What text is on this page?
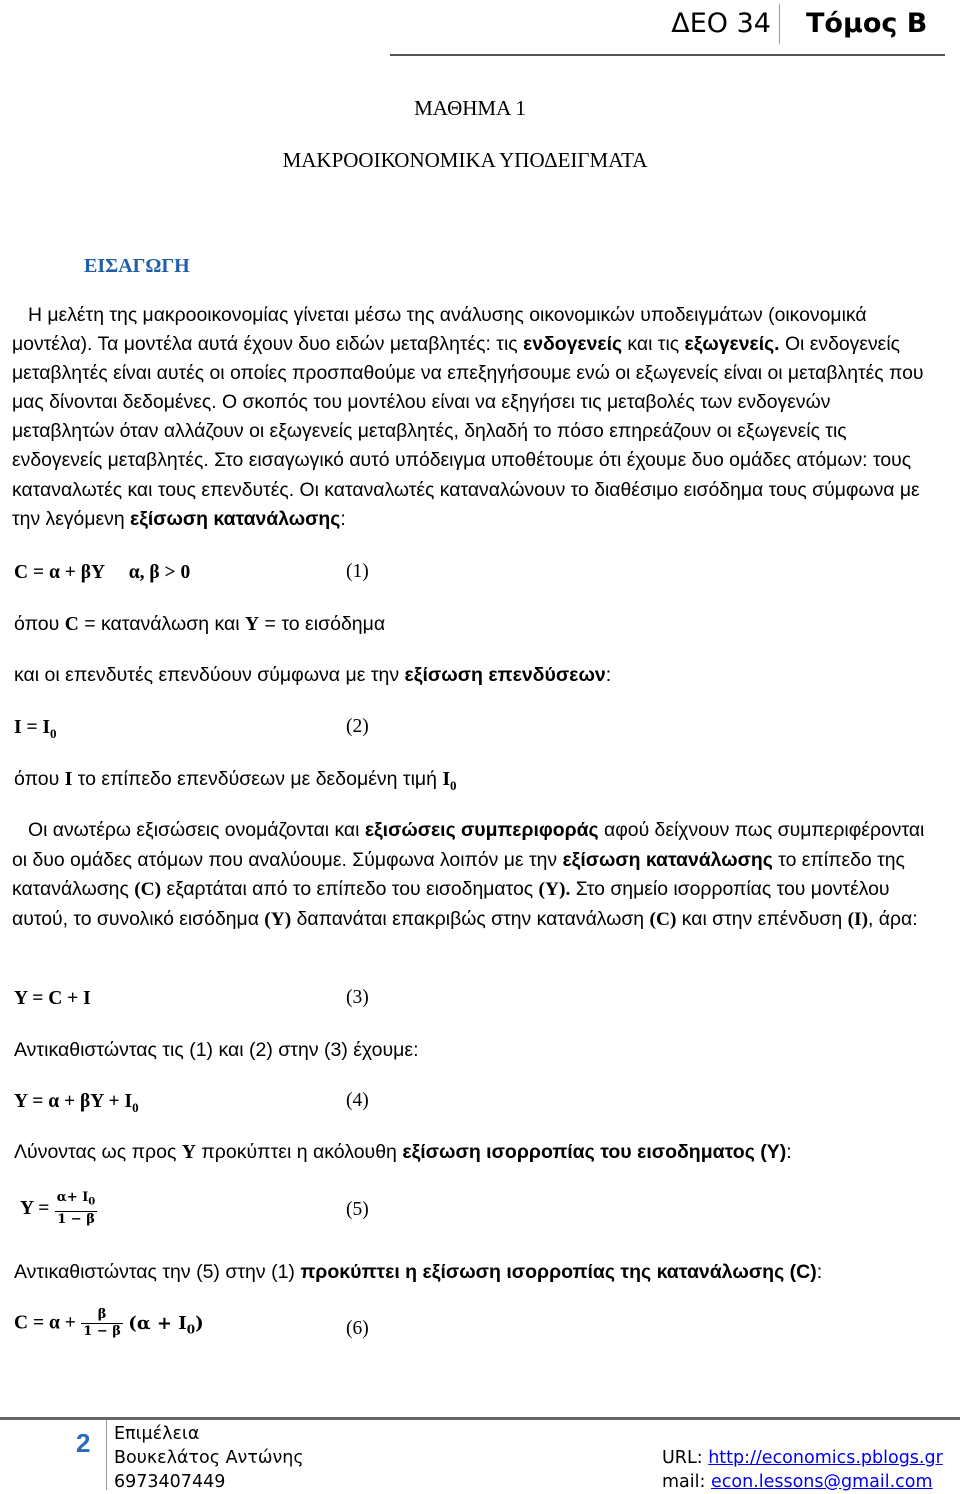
ΔΕΟ 34	Τόμος Β
ΜΑΘΗΜΑ 1
ΜΑΚΡΟΟΙΚΟΝΟΜΙΚΑ ΥΠΟΔΕΙΓΜΑΤΑ
ΕΙΣΑΓΩΓΗ
Η μελέτη της μακροοικονομίας γίνεται μέσω της ανάλυσης οικονομικών υποδειγμάτων (οικονομικά μοντέλα). Τα μοντέλα αυτά έχουν δυο ειδών μεταβλητές: τις ενδογενείς και τις εξωγενείς. Οι ενδογενείς μεταβλητές είναι αυτές οι οποίες προσπαθούμε να επεξηγήσουμε ενώ οι εξωγενείς είναι οι μεταβλητές που μας δίνονται δεδομένες. Ο σκοπός του μοντέλου είναι να εξηγήσει τις μεταβολές των ενδογενών μεταβλητών όταν αλλάζουν οι εξωγενείς μεταβλητές, δηλαδή το πόσο επηρεάζουν οι εξωγενείς τις ενδογενείς μεταβλητές. Στο εισαγωγικό αυτό υπόδειγμα υποθέτουμε ότι έχουμε δυο ομάδες ατόμων: τους καταναλωτές και τους επενδυτές. Οι καταναλωτές καταναλώνουν το διαθέσιμο εισόδημα τους σύμφωνα με την λεγόμενη εξίσωση κατανάλωσης:
C = α + βY     α, β > 0	(1)
όπου C = κατανάλωση και Y = το εισόδημα
και οι επενδυτές επενδύουν σύμφωνα με την εξίσωση επενδύσεων:
$I = I_0$	(2)
όπου I το επίπεδο επενδύσεων με δεδομένη τιμή $I_0$
Οι ανωτέρω εξισώσεις ονομάζονται και εξισώσεις συμπεριφοράς αφού δείχνουν πως συμπεριφέρονται οι δυο ομάδες ατόμων που αναλύουμε. Σύμφωνα λοιπόν με την εξίσωση κατανάλωσης το επίπεδο της κατανάλωσης (C) εξαρτάται από το επίπεδο του εισοδηματος (Y). Στο σημείο ισορροπίας του μοντέλου αυτού, το συνολικό εισόδημα (Y) δαπανάται επακριβώς στην κατανάλωση (C) και στην επένδυση (I), άρα:
Y = C + I	(3)
Αντικαθιστώντας τις (1) και (2) στην (3) έχουμε:
$Y = \alpha + \beta Y + I_0$	(4)
Λύνοντας ως προς Y προκύπτει η ακόλουθη εξίσωση ισορροπίας του εισοδηματος (Y):
$Y = \frac{\alpha+ I_0}{1 - \beta}$	(5)
Αντικαθιστώντας την (5) στην (1) προκύπτει η εξίσωση ισορροπίας της κατανάλωσης (C):
$C = \alpha + \frac{\beta}{1 - \beta} (\alpha + I_0)$	(6)
2 Επιμέλεια
Βουκελάτος Αντώνης
6973407449
URL: http://economics.pblogs.gr
mail: econ.lessons@gmail.com
